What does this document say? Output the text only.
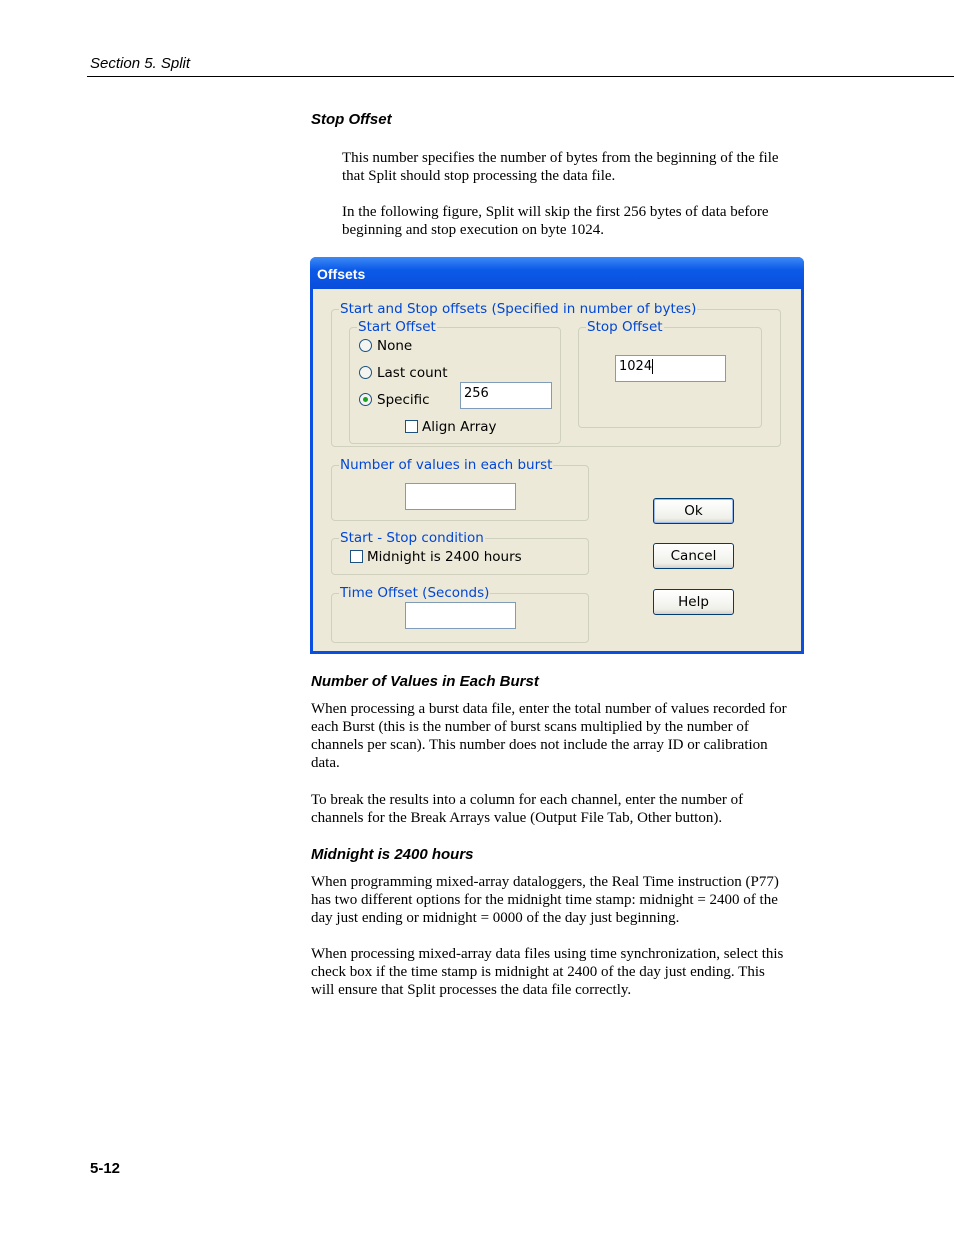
Section 5. Split
Stop Offset
This number specifies the number of bytes from the beginning of the file
that Split should stop processing the data file.
In the following figure, Split will skip the first 256 bytes of data before
beginning and stop execution on byte 1024.
Offsets
Start and Stop offsets (Specified in number of bytes)
Start Offset
None
Last count
Specific	256
Align Array
Stop Offset
1024
Number of values in each burst
Start - Stop condition
Midnight is 2400 hours
Time Offset (Seconds)
Ok
Cancel
Help
Number of Values in Each Burst
When processing a burst data file, enter the total number of values recorded for
each Burst (this is the number of burst scans multiplied by the number of
channels per scan). This number does not include the array ID or calibration
data.
To break the results into a column for each channel, enter the number of
channels for the Break Arrays value (Output File Tab, Other button).
Midnight is 2400 hours
When programming mixed-array dataloggers, the Real Time instruction (P77)
has two different options for the midnight time stamp: midnight = 2400 of the
day just ending or midnight = 0000 of the day just beginning.
When processing mixed-array data files using time synchronization, select this
check box if the time stamp is midnight at 2400 of the day just ending. This
will ensure that Split processes the data file correctly.
5-12
